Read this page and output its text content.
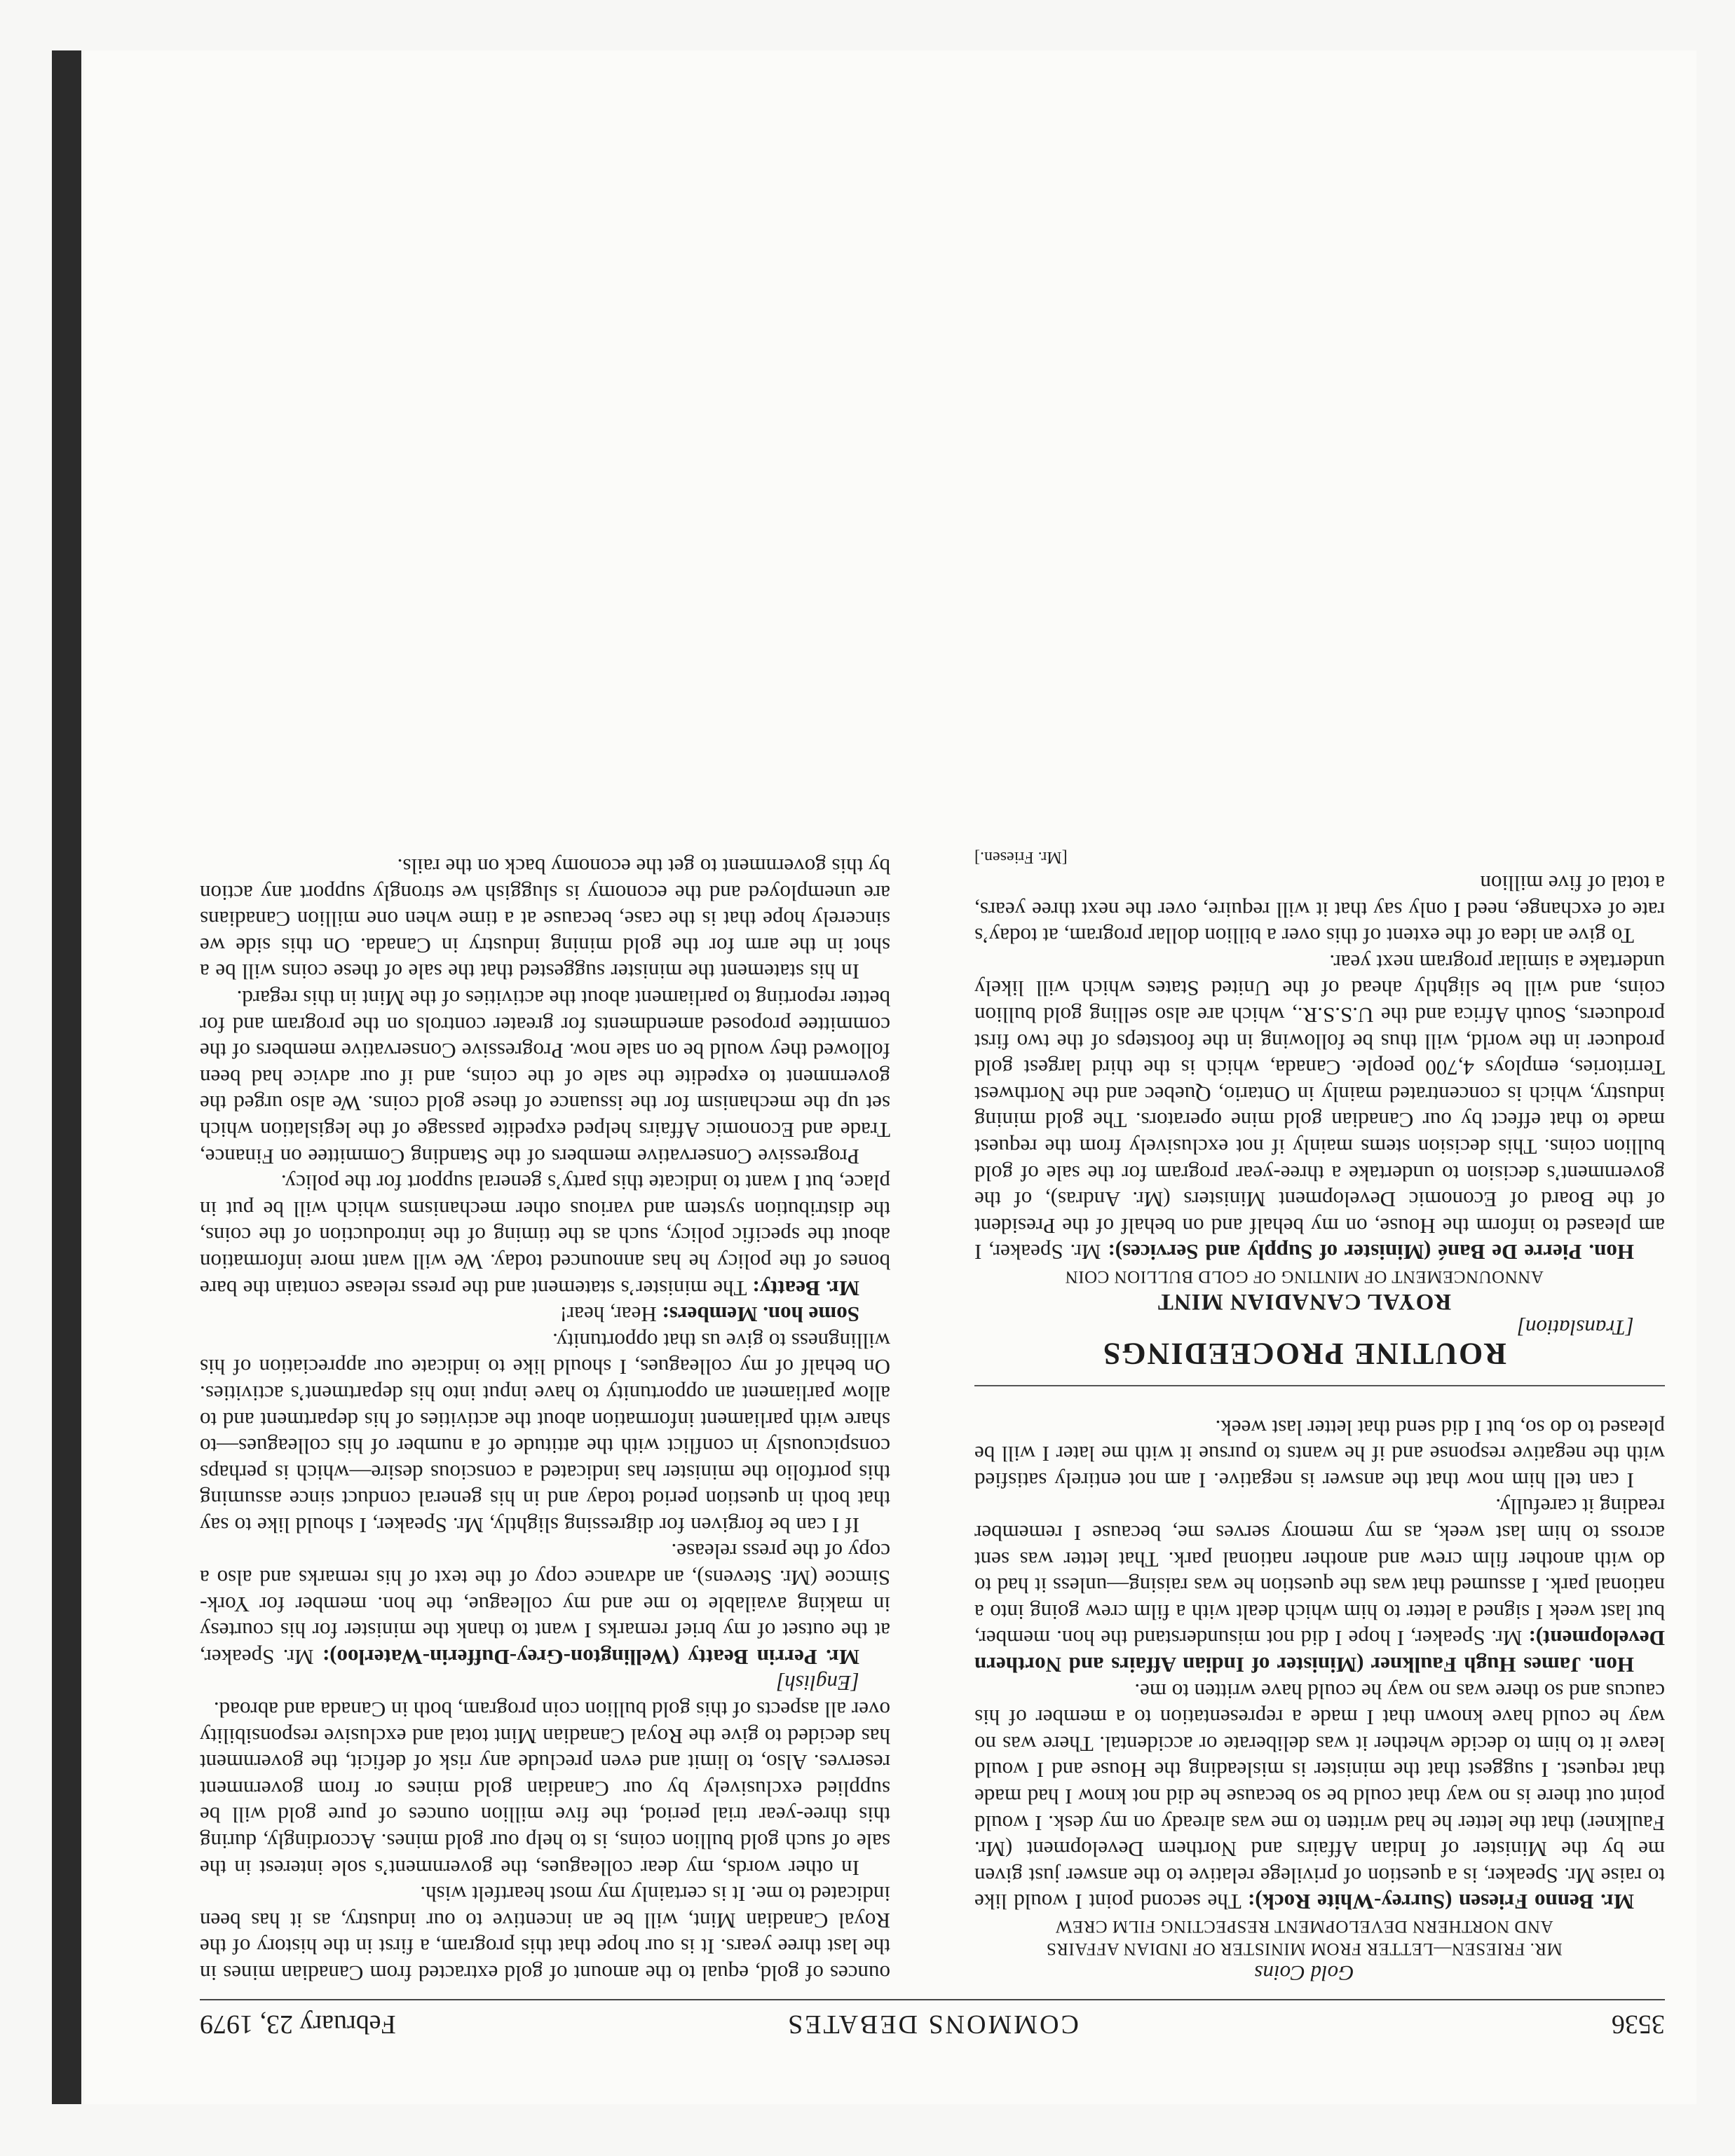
3536
COMMONS DEBATES
February 23, 1979

Gold Coins

MR. FRIESEN—LETTER FROM MINISTER OF INDIAN AFFAIRS

AND NORTHERN DEVELOPMENT RESPECTING FILM CREW

Mr. Benno Friesen (Surrey-White Rock): The second point I would like to raise Mr. Speaker, is a question of privilege relative to the answer just given me by the Minister of Indian Affairs and Northern Development (Mr. Faulkner) that the letter he had written to me was already on my desk. I would point out there is no way that could be so because he did not know I had made that request. I suggest that the minister is misleading the House and I would leave it to him to decide whether it was deliberate or accidental. There was no way he could have known that I made a representation to a member of his caucus and so there was no way he could have written to me.

Hon. James Hugh Faulkner (Minister of Indian Affairs and Northern Development): Mr. Speaker, I hope I did not misunderstand the hon. member, but last week I signed a letter to him which dealt with a film crew going into a national park. I assumed that was the question he was raising—unless it had to do with another film crew and another national park. That letter was sent across to him last week, as my memory serves me, because I remember reading it carefully.

I can tell him now that the answer is negative. I am not entirely satisfied with the negative response and if he wants to pursue it with me later I will be pleased to do so, but I did send that letter last week.

ROUTINE PROCEEDINGS

[Translation]

ROYAL CANADIAN MINT

ANNOUNCEMENT OF MINTING OF GOLD BULLION COIN

Hon. Pierre De Bané (Minister of Supply and Services): Mr. Speaker, I am pleased to inform the House, on my behalf and on behalf of the President of the Board of Economic Development Ministers (Mr. Andras), of the government’s decision to undertake a three-year program for the sale of gold bullion coins. This decision stems mainly if not exclusively from the request made to that effect by our Canadian gold mine operators. The gold mining industry, which is concentrated mainly in Ontario, Quebec and the Northwest Territories, employs 4,700 people. Canada, which is the third largest gold producer in the world, will thus be following in the footsteps of the two first producers, South Africa and the U.S.S.R., which are also selling gold bullion coins, and will be slightly ahead of the United States which will likely undertake a similar program next year.

To give an idea of the extent of this over a billion dollar program, at today’s rate of exchange, need I only say that it will require, over the next three years, a total of five million

[Mr. Friesen.]

ounces of gold, equal to the amount of gold extracted from Canadian mines in the last three years. It is our hope that this program, a first in the history of the Royal Canadian Mint, will be an incentive to our industry, as it has been indicated to me. It is certainly my most heartfelt wish.

In other words, my dear colleagues, the government’s sole interest in the sale of such gold bullion coins, is to help our gold mines. Accordingly, during this three-year trial period, the five million ounces of pure gold will be supplied exclusively by our Canadian gold mines or from government reserves. Also, to limit and even preclude any risk of deficit, the government has decided to give the Royal Canadian Mint total and exclusive responsibility over all aspects of this gold bullion coin program, both in Canada and abroad.

[English]

Mr. Perrin Beatty (Wellington-Grey-Dufferin-Waterloo): Mr. Speaker, at the outset of my brief remarks I want to thank the minister for his courtesy in making available to me and my colleague, the hon. member for York-Simcoe (Mr. Stevens), an advance copy of the text of his remarks and also a copy of the press release.

If I can be forgiven for digressing slightly, Mr. Speaker, I should like to say that both in question period today and in his general conduct since assuming this portfolio the minister has indicated a conscious desire—which is perhaps conspicuously in conflict with the attitude of a number of his colleagues—to share with parliament information about the activities of his department and to allow parliament an opportunity to have input into his department’s activities. On behalf of my colleagues, I should like to indicate our appreciation of his willingness to give us that opportunity.

Some hon. Members: Hear, hear!

Mr. Beatty: The minister’s statement and the press release contain the bare bones of the policy he has announced today. We will want more information about the specific policy, such as the timing of the introduction of the coins, the distribution system and various other mechanisms which will be put in place, but I want to indicate this party’s general support for the policy.

Progressive Conservative members of the Standing Committee on Finance, Trade and Economic Affairs helped expedite passage of the legislation which set up the mechanism for the issuance of these gold coins. We also urged the government to expedite the sale of the coins, and if our advice had been followed they would be on sale now. Progressive Conservative members of the committee proposed amendments for greater controls on the program and for better reporting to parliament about the activities of the Mint in this regard.

In his statement the minister suggested that the sale of these coins will be a shot in the arm for the gold mining industry in Canada. On this side we sincerely hope that is the case, because at a time when one million Canadians are unemployed and the economy is sluggish we strongly support any action by this government to get the economy back on the rails.
